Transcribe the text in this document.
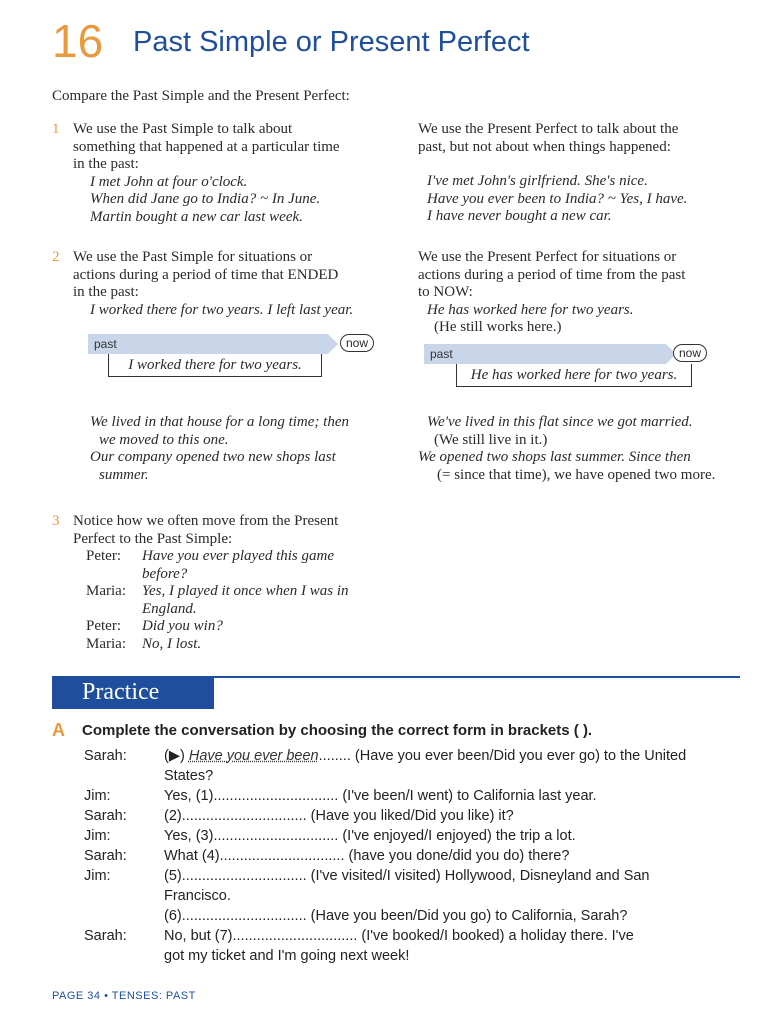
16 Past Simple or Present Perfect
Compare the Past Simple and the Present Perfect:
1 We use the Past Simple to talk about
something that happened at a particular time
in the past:
I met John at four o'clock.
When did Jane go to India? ~ In June.
Martin bought a new car last week.
We use the Present Perfect to talk about the
past, but not about when things happened:
I've met John's girlfriend. She's nice.
Have you ever been to India? ~ Yes, I have.
I have never bought a new car.
2 We use the Past Simple for situations or
actions during a period of time that ENDED
in the past:
I worked there for two years. I left last year.
We use the Present Perfect for situations or
actions during a period of time from the past
to NOW:
He has worked here for two years.
(He still works here.)
past	now
I worked there for two years.
past	now
He has worked here for two years.
We lived in that house for a long time; then
we moved to this one.
Our company opened two new shops last
summer.
We've lived in this flat since we got married.
(We still live in it.)
We opened two shops last summer. Since then
(= since that time), we have opened two more.
3 Notice how we often move from the Present
Perfect to the Past Simple:
Peter:	Have you ever played this game
before?
Maria:	Yes, I played it once when I was in
England.
Peter:	Did you win?
Maria:	No, I lost.
Practice
A Complete the conversation by choosing the correct form in brackets ( ).
Sarah:	(▶) Have you ever been........ (Have you ever been/Did you ever go) to the United
States?
Jim:	Yes, (1)............................... (I've been/I went) to California last year.
Sarah:	(2)............................... (Have you liked/Did you like) it?
Jim:	Yes, (3)............................... (I've enjoyed/I enjoyed) the trip a lot.
Sarah:	What (4)............................... (have you done/did you do) there?
Jim:	(5)............................... (I've visited/I visited) Hollywood, Disneyland and San
Francisco.
(6)............................... (Have you been/Did you go) to California, Sarah?
Sarah:	No, but (7)............................... (I've booked/I booked) a holiday there. I've
got my ticket and I'm going next week!
PAGE 34 • TENSES: PAST
